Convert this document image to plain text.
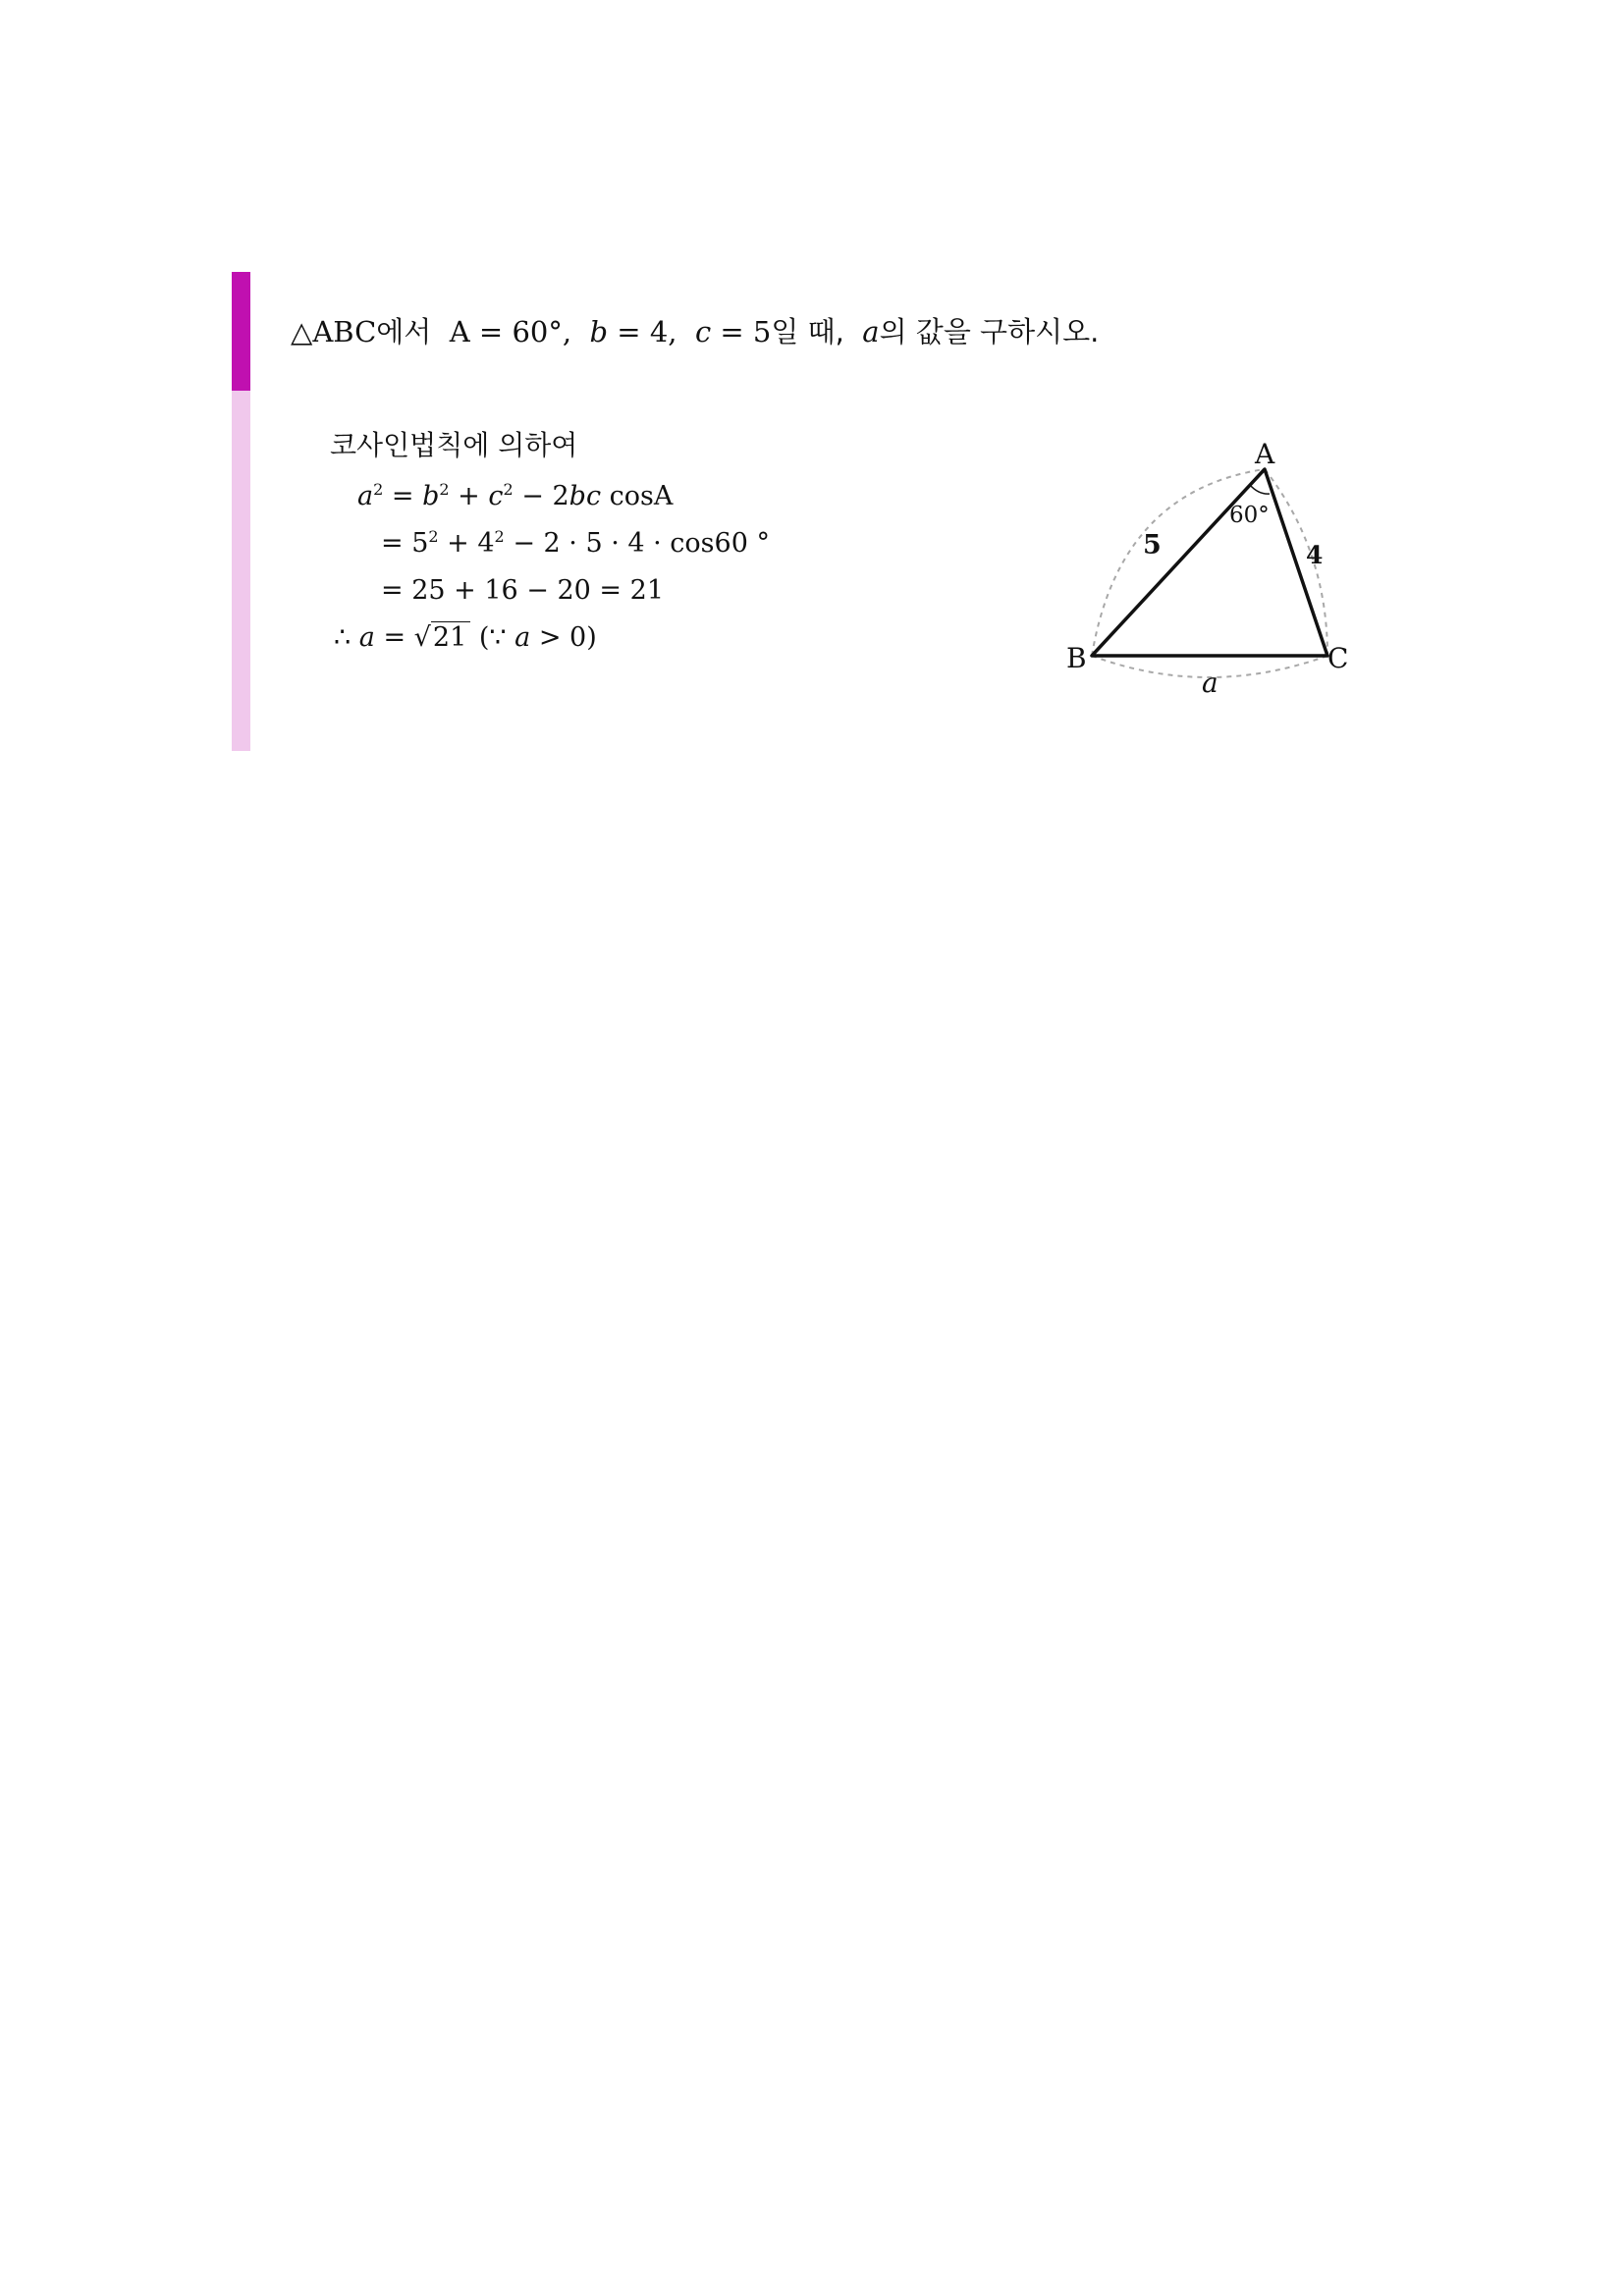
△ABC에서 A = 60°, b = 4, c = 5일 때, a의 값을 구하시오.
코사인법칙에 의하여
$a^2 = b^2 + c^2 - 2bc$ cosA
= $5^2 + 4^2 - 2 \cdot 5 \cdot 4 \cdot \cos 60$ °
= 25 + 16 − 20 = 21
∴ a = √21 (∵ a > 0)
A
B	C
60°
5	4
a
